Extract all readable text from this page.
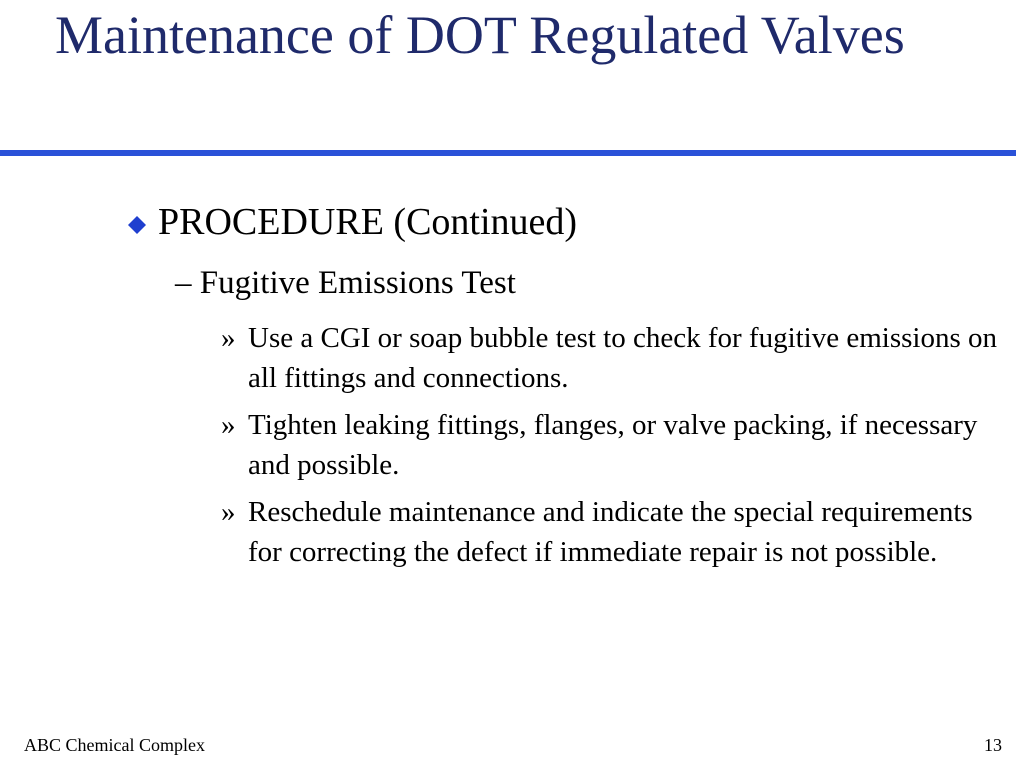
Maintenance of DOT Regulated Valves
PROCEDURE (Continued)
– Fugitive Emissions Test
» Use a CGI or soap bubble test to check for fugitive emissions on all fittings and connections.
» Tighten leaking fittings, flanges, or valve packing, if necessary and possible.
» Reschedule maintenance and indicate the special requirements for correcting the defect if immediate repair is not possible.
ABC Chemical Complex	13
